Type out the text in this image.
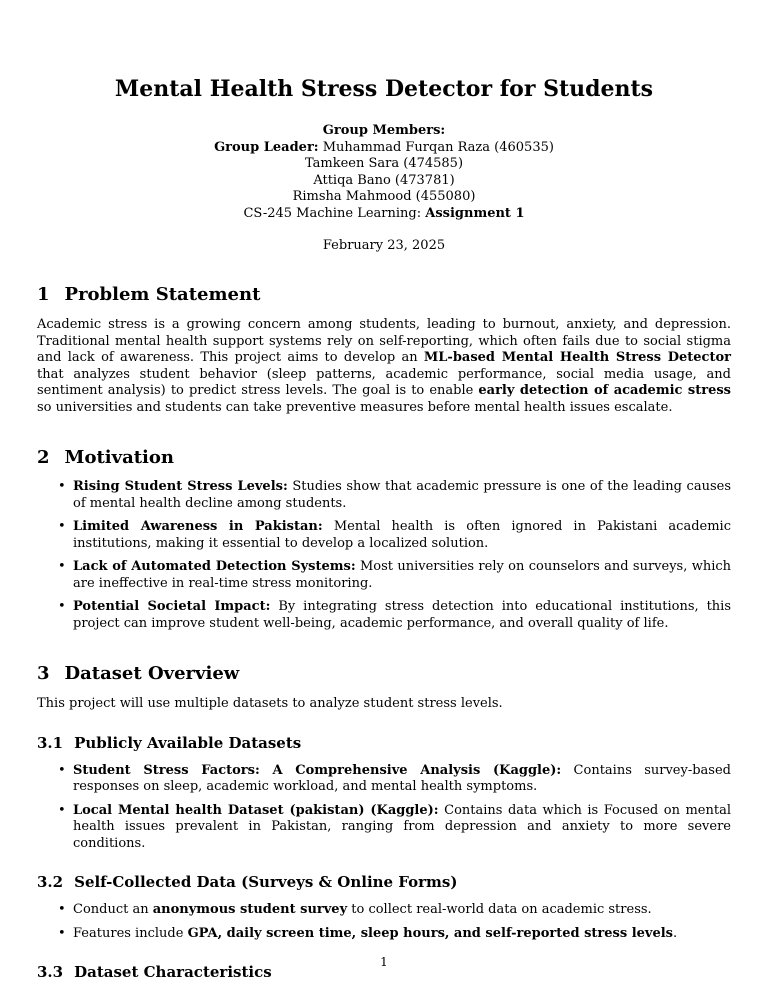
Mental Health Stress Detector for Students
Group Members:
Group Leader: Muhammad Furqan Raza (460535)
Tamkeen Sara (474585)
Attiqa Bano (473781)
Rimsha Mahmood (455080)
CS-245 Machine Learning: Assignment 1
February 23, 2025
1 Problem Statement

Academic stress is a growing concern among students, leading to burnout, anxiety, and depression. Traditional mental health support systems rely on self-reporting, which often fails due to social stigma and lack of awareness. This project aims to develop an ML-based Mental Health Stress Detector that analyzes student behavior (sleep patterns, academic performance, social media usage, and sentiment analysis) to predict stress levels. The goal is to enable early detection of academic stress so universities and students can take preventive measures before mental health issues escalate.

2 Motivation
• Rising Student Stress Levels: Studies show that academic pressure is one of the leading causes of mental health decline among students.
• Limited Awareness in Pakistan: Mental health is often ignored in Pakistani academic institutions, making it essential to develop a localized solution.
• Lack of Automated Detection Systems: Most universities rely on counselors and surveys, which are ineffective in real-time stress monitoring.
• Potential Societal Impact: By integrating stress detection into educational institutions, this project can improve student well-being, academic performance, and overall quality of life.
3 Dataset Overview

This project will use multiple datasets to analyze student stress levels.

3.1 Publicly Available Datasets
• Student Stress Factors: A Comprehensive Analysis (Kaggle): Contains survey-based responses on sleep, academic workload, and mental health symptoms.
• Local Mental health Dataset (pakistan) (Kaggle): Contains data which is Focused on mental health issues prevalent in Pakistan, ranging from depression and anxiety to more severe conditions.
3.2 Self-Collected Data (Surveys & Online Forms)
• Conduct an anonymous student survey to collect real-world data on academic stress.
• Features include GPA, daily screen time, sleep hours, and self-reported stress levels.
3.3 Dataset Characteristics
1
